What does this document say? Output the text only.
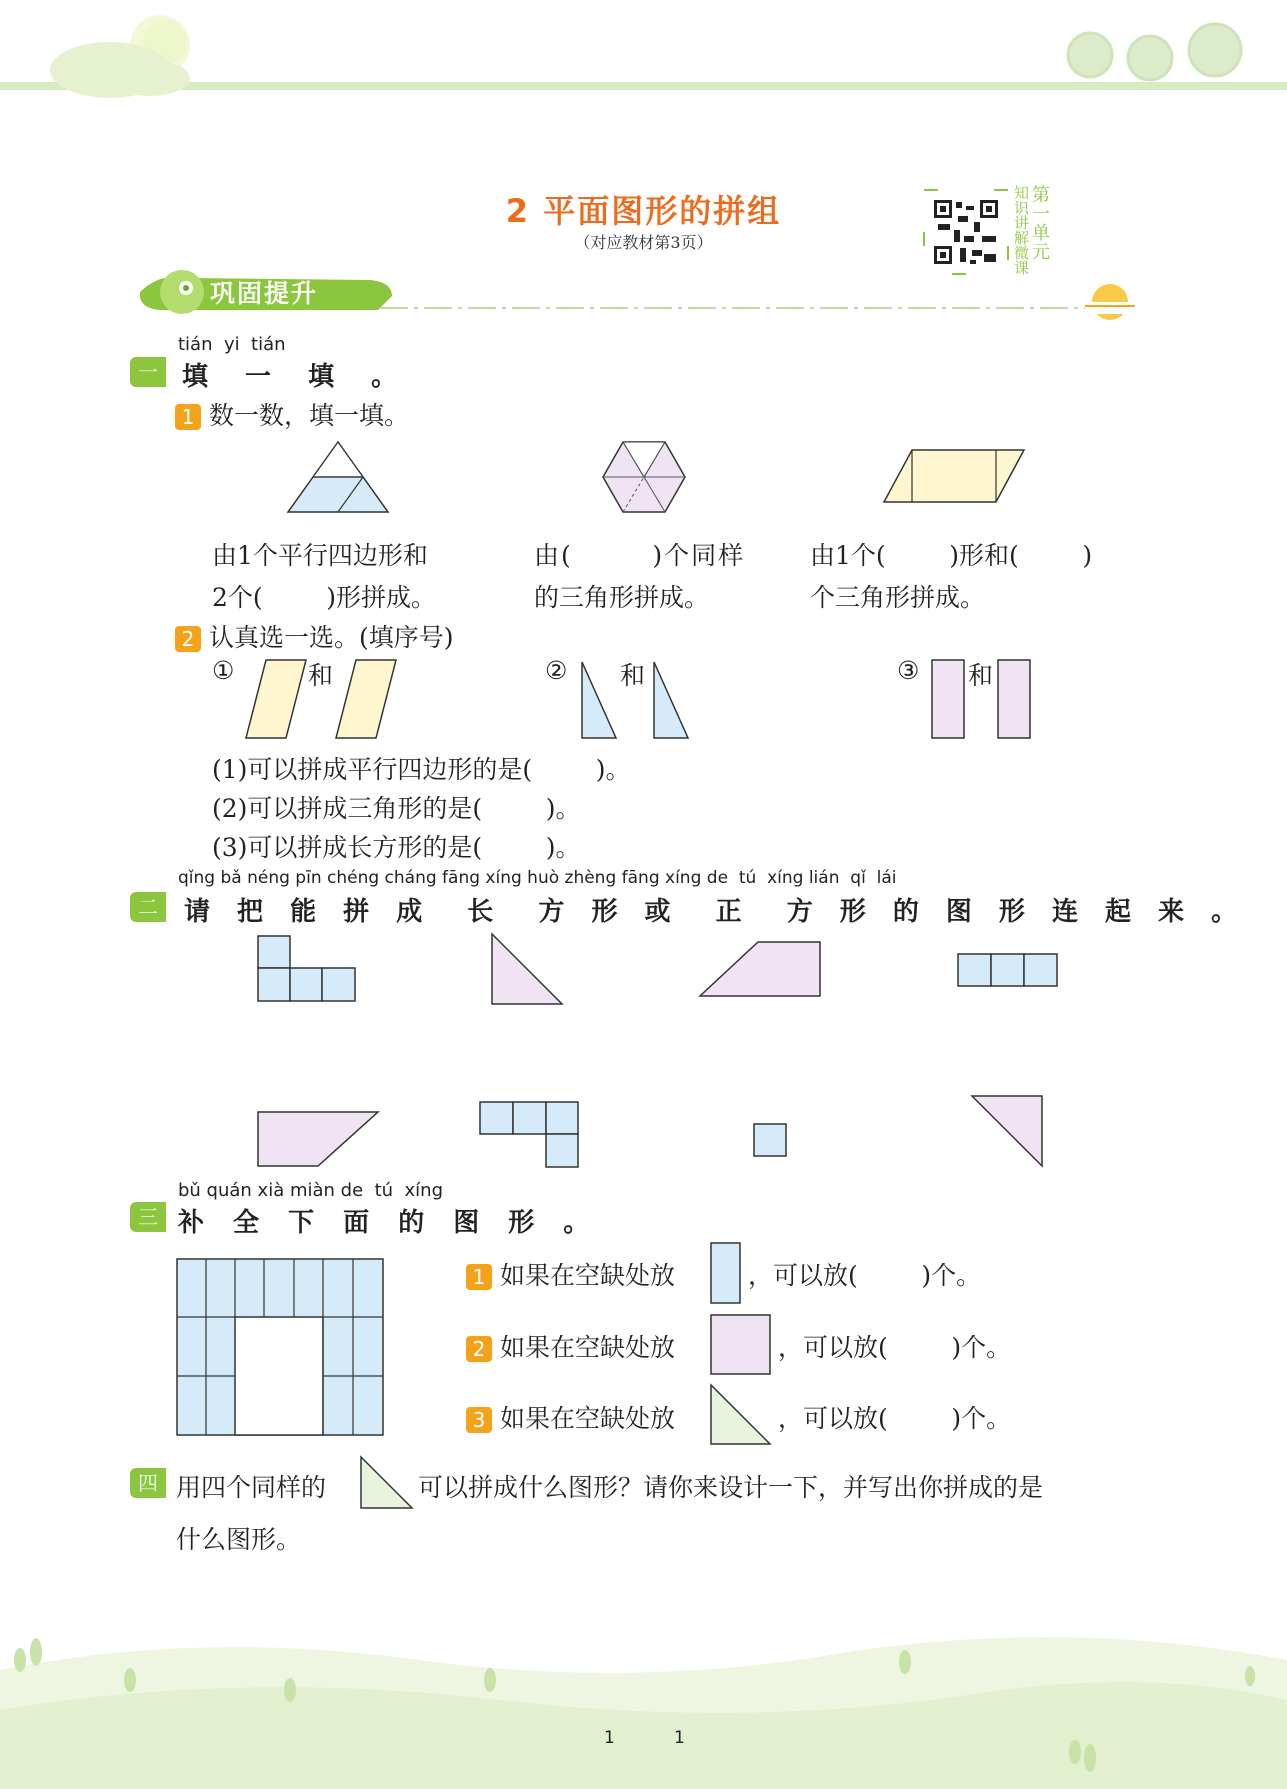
2 平面图形的拼组
（对应教材第3页）
第一单元
知识讲解微课
巩固提升
tián  yi  tián
一 填 一 填 。
1 数一数，填一填。
由1个平行四边形和
2个(        )形拼成。
由(        )个同样
的三角形拼成。
由1个(        )形和(        )
个三角形拼成。
2 认真选一选。(填序号)
①	和	② 和	③ 和
(1)可以拼成平行四边形的是(        )。
(2)可以拼成三角形的是(        )。
(3)可以拼成长方形的是(        )。
qǐng bǎ néng pīn chéng cháng fāng xíng huò zhèng fāng xíng de  tú  xíng lián  qǐ  lái
二	请 把 能 拼 成  长  方 形 或  正  方 形 的 图 形 连 起 来 。
bǔ quán xià miàn de  tú  xíng
三 补 全 下 面 的 图 形 。
1 如果在空缺处放	，可以放(        )个。
2 如果在空缺处放	，可以放(        )个。
3 如果在空缺处放	，可以放(        )个。
四 用四个同样的	可以拼成什么图形？请你来设计一下，并写出你拼成的是
什么图形。
1	1
